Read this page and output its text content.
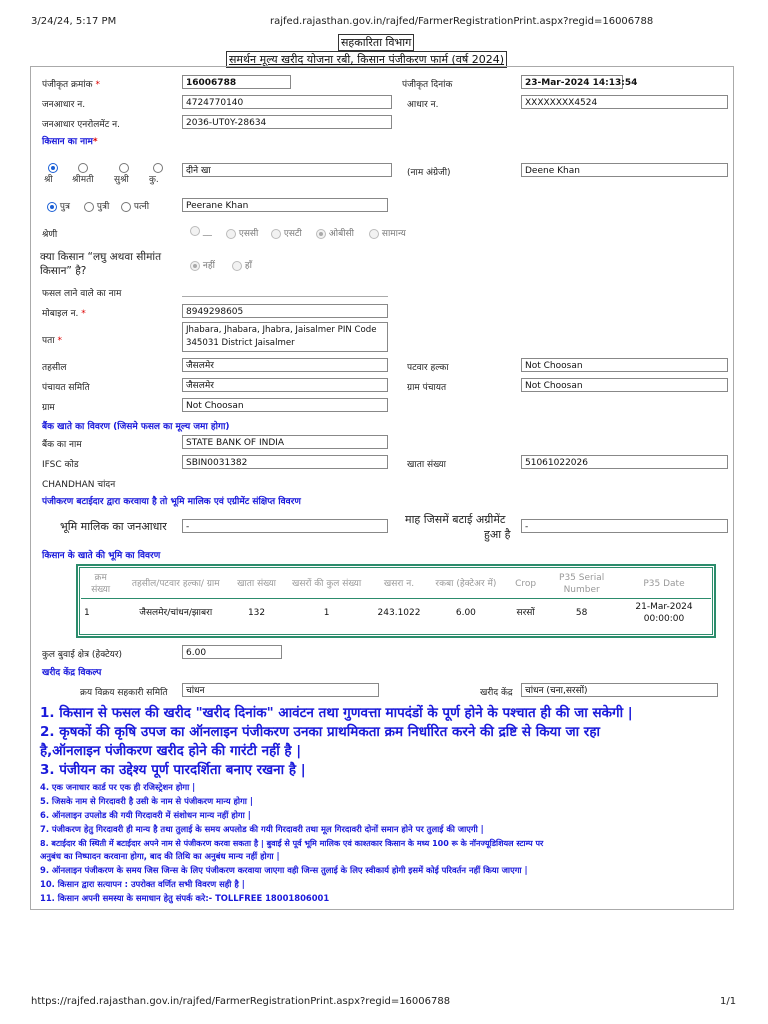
3/24/24, 5:17 PM	rajfed.rajasthan.gov.in/rajfed/FarmerRegistrationPrint.aspx?regid=16006788
सहकारिता विभाग
समर्थन मूल्य खरीद योजना रबी, किसान पंजीकरण फार्म (वर्ष 2024)
पंजीकृत क्रमांक *	16006788	पंजीकृत दिनांक	23-Mar-2024 14:13:54
जनआधार न.	4724770140	आधार न.	XXXXXXXX4524
जनआधार एनरोलमेंट न.	2036-UT0Y-28634
किसान का नाम*
श्री श्रीमती सुश्री कु.
दीने खा	(नाम अंग्रेजी)	Deene Khan
पुत्र	पुत्री	पत्नी	Peerane Khan
श्रेणी	__	एससी	एसटी	ओबीसी	सामान्य
क्या किसान “लघु अथवा सीमांत
किसान” है?	नहीं	हाँ
फसल लाने वाले का नाम
मोबाइल न. *	8949298605
पता *
Jhabara, Jhabara, Jhabra, Jaisalmer PIN Code
345031 District Jaisalmer
तहसील	जैसलमेर	पटवार हल्का	Not Choosan
पंचायत समिति	जैसलमेर	ग्राम पंचायत	Not Choosan
ग्राम	Not Choosan
बैंक खाते का विवरण (जिसमे फसल का मूल्य जमा होगा)
बैंक का नाम	STATE BANK OF INDIA
IFSC कोड	SBIN0031382	खाता संख्या	51061022026
CHANDHAN चांदन
पंजीकरण बटाईदार द्वारा करवाया है तो भूमि मालिक एवं एग्रीमेंट संक्षिप्त विवरण
भूमि मालिक का जनआधार	-
माह जिसमें बटाई अग्रीमेंट
हुआ है
-
किसान के खाते की भूमि का विवरण
क्रम संख्या	तहसील/पटवार हल्का/ ग्राम	खाता संख्या	खसरों की कुल संख्या	खसरा न.	रकबा (हेक्टेअर में)	Crop	P35 Serial Number	P35 Date
1	जैसलमेर/चांधन/झाबरा	132	1	243.1022	6.00	सरसों	58	21-Mar-2024 00:00:00
कुल बुवाई क्षेत्र (हेक्टेयर)	6.00
खरीद केंद्र विकल्प
क्रय विक्रय सहकारी समिति	चांधन	खरीद केंद्र	चांधन (चना,सरसों)
1. किसान से फसल की खरीद "खरीद दिनांक" आवंटन तथा गुणवत्ता मापदंडों के पूर्ण होने के पश्चात ही की जा सकेगी |
2. कृषकों की कृषि उपज का ऑनलाइन पंजीकरण उनका प्राथमिकता क्रम निर्धारित करने की द्रष्टि से किया जा रहा
है,ऑनलाइन पंजीकरण खरीद होने की गारंटी नहीं है |
3. पंजीयन का उद्देश्य पूर्ण पारदर्शिता बनाए रखना है |
4. एक जनाधार कार्ड पर एक ही रजिस्ट्रेशन होगा |
5. जिसके नाम से गिरदावरी है उसी के नाम से पंजीकरण मान्य होगा |
6. ऑनलाइन उपलोड की गयी गिरदावरी में संशोधन मान्य नहीं होगा |
7. पंजीकरण हेतु गिरदावरी ही मान्य है तथा तुलाई के समय अपलोड की गयी गिरदावरी तथा मूल गिरदावरी दोनों समान होने पर तुलाई की जाएगी |
8. बटाईदार की स्थिती में बटाईदार अपने नाम से पंजीकरण करवा सकता है | बुवाई से पूर्व भूमि मालिक एवं काश्तकार किसान के मध्य 100 रू के नॉनज्यूडिशियल स्टाम्प पर
अनुबंध का निष्पादन करवाना होगा, बाद की तिथि का अनुबंध मान्य नहीं होगा |
9. ऑनलाइन पंजीकरण के समय जिस जिन्स के लिए पंजीकरण करवाया जाएगा वही जिन्स तुलाई के लिए स्वीकार्य होगी इसमें कोई परिवर्तन नहीं किया जाएगा |
10. किसान द्वारा सत्यापन : उपरोक्त वर्णित सभी विवरण सही है |
11. किसान अपनी समस्या के समाधान हेतु संपर्क करे:- TOLLFREE 18001806001
https://rajfed.rajasthan.gov.in/rajfed/FarmerRegistrationPrint.aspx?regid=16006788	1/1
